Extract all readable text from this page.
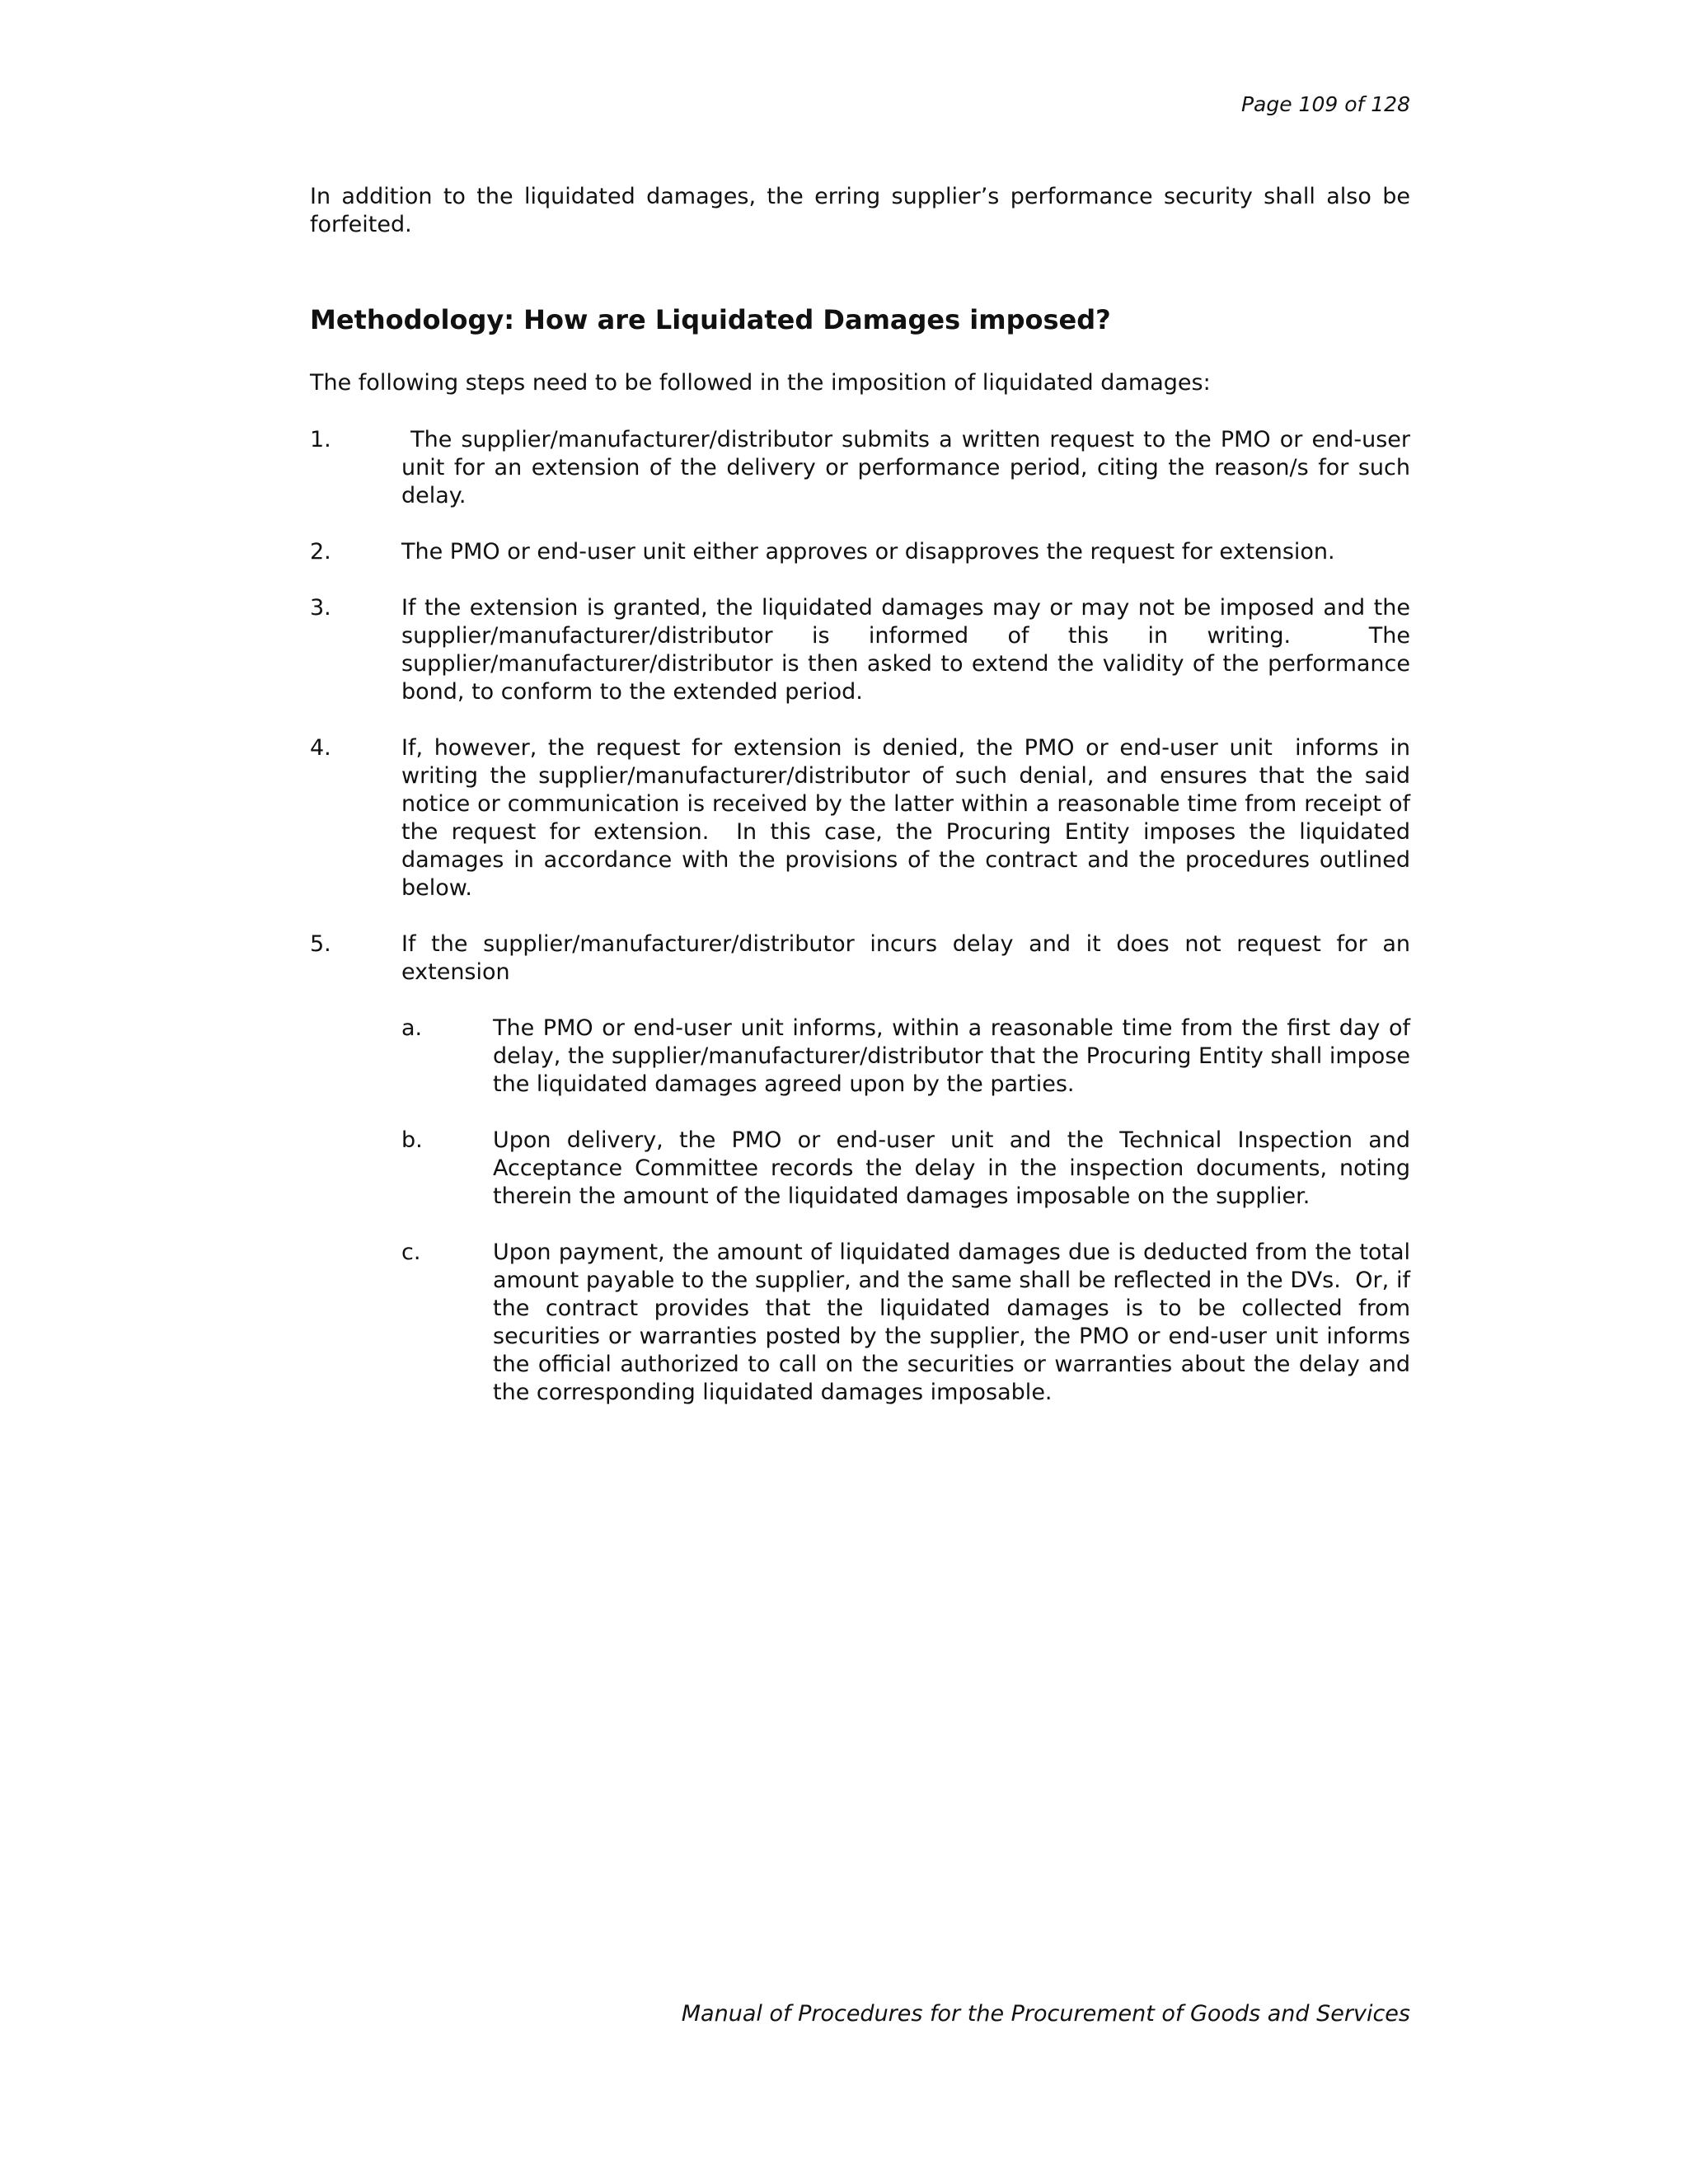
Page 109 of 128

In addition to the liquidated damages, the erring supplier’s performance security shall also be forfeited.

Methodology: How are Liquidated Damages imposed?

The following steps need to be followed in the imposition of liquidated damages:

1.	The supplier/manufacturer/distributor submits a written request to the PMO or end-user unit for an extension of the delivery or performance period, citing the reason/s for such delay.
2.	The PMO or end-user unit either approves or disapproves the request for extension.
3.	If the extension is granted, the liquidated damages may or may not be imposed and the supplier/manufacturer/distributor is informed of this in writing.  The supplier/manufacturer/distributor is then asked to extend the validity of the performance bond, to conform to the extended period.
4.	If, however, the request for extension is denied, the PMO or end-user unit  informs in writing the supplier/manufacturer/distributor of such denial, and ensures that the said notice or communication is received by the latter within a reasonable time from receipt of the request for extension.  In this case, the Procuring Entity imposes the liquidated damages in accordance with the provisions of the contract and the procedures outlined below.
5.	If the supplier/manufacturer/distributor incurs delay and it does not request for an extension
a.	The PMO or end-user unit informs, within a reasonable time from the first day of delay, the supplier/manufacturer/distributor that the Procuring Entity shall impose the liquidated damages agreed upon by the parties.
b.	Upon delivery, the PMO or end-user unit and the Technical Inspection and Acceptance Committee records the delay in the inspection documents, noting therein the amount of the liquidated damages imposable on the supplier.
c.	Upon payment, the amount of liquidated damages due is deducted from the total amount payable to the supplier, and the same shall be reflected in the DVs.  Or, if the contract provides that the liquidated damages is to be collected from securities or warranties posted by the supplier, the PMO or end-user unit informs the official authorized to call on the securities or warranties about the delay and the corresponding liquidated damages imposable.
Manual of Procedures for the Procurement of Goods and Services
